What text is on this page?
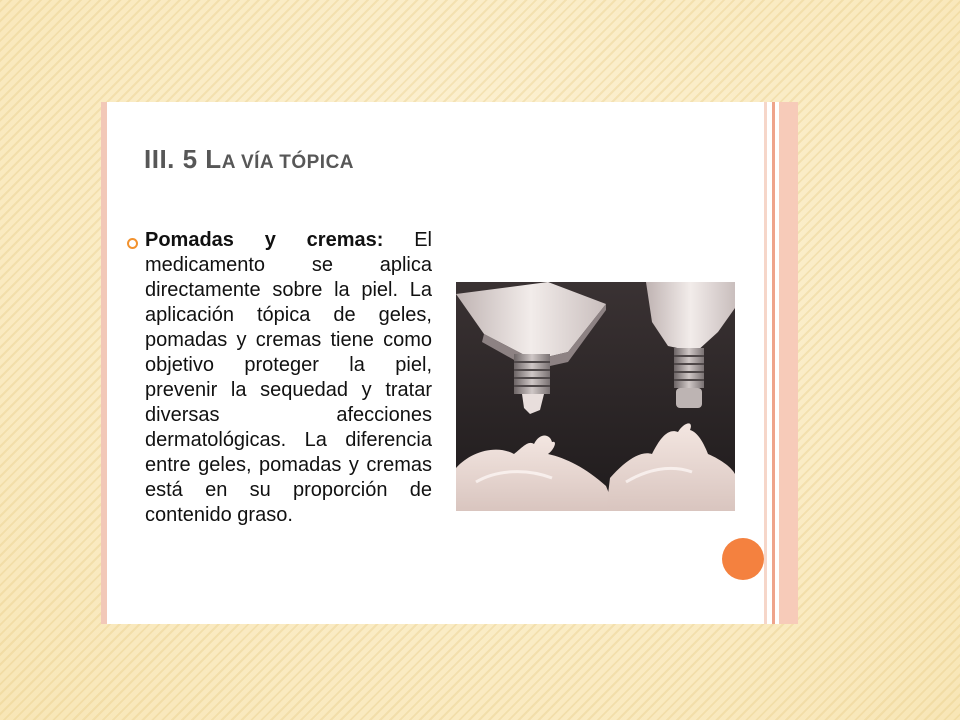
III. 5 LA VÍA TÓPICA

Pomadas y cremas: El medicamento se aplica directamente sobre la piel. La aplicación tópica de geles, pomadas y cremas tiene como objetivo proteger la piel, prevenir la sequedad y tratar diversas afecciones dermatológicas. La diferencia entre geles, pomadas y cremas está en su proporción de contenido graso.
